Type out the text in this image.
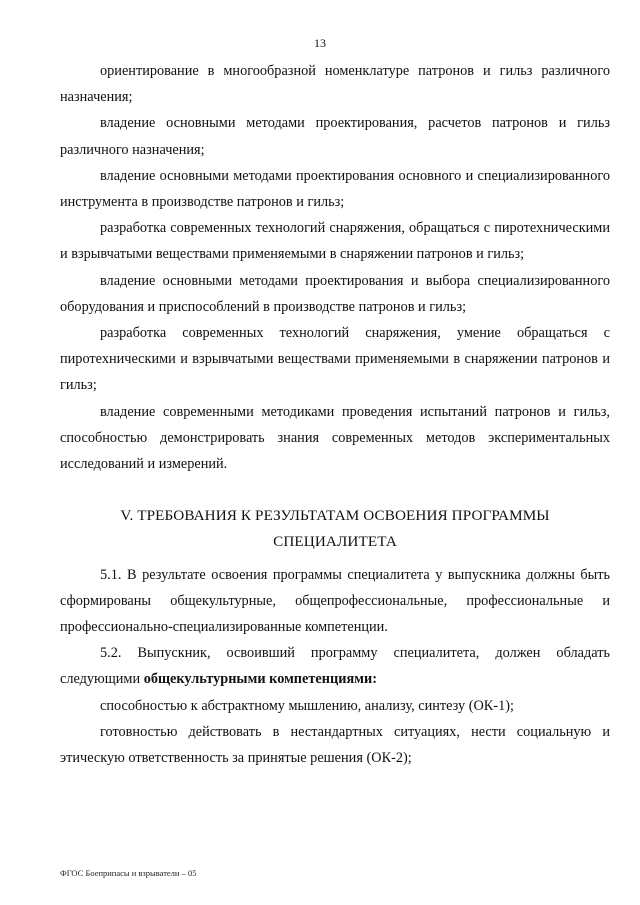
13

ориентирование в многообразной номенклатуре патронов и гильз различного назначения;

владение основными методами проектирования, расчетов патронов и гильз различного назначения;

владение основными методами проектирования основного и специализированного инструмента в производстве патронов и гильз;

разработка современных технологий снаряжения, обращаться с пиротехническими и взрывчатыми веществами применяемыми в снаряжении патронов и гильз;

владение основными методами проектирования и выбора специализированного оборудования и приспособлений в производстве патронов и гильз;

разработка современных технологий снаряжения, умение обращаться с пиротехническими и взрывчатыми веществами применяемыми в снаряжении патронов и гильз;

владение современными методиками проведения испытаний патронов и гильз, способностью демонстрировать знания современных методов экспериментальных исследований и измерений.

V. ТРЕБОВАНИЯ К РЕЗУЛЬТАТАМ ОСВОЕНИЯ ПРОГРАММЫ
СПЕЦИАЛИТЕТА

5.1. В результате освоения программы специалитета у выпускника должны быть сформированы общекультурные, общепрофессиональные, профессиональные и профессионально-специализированные компетенции.

5.2. Выпускник, освоивший программу специалитета, должен обладать следующими общекультурными компетенциями:

способностью к абстрактному мышлению, анализу, синтезу (ОК-1);

готовностью действовать в нестандартных ситуациях, нести социальную и этическую ответственность за принятые решения (ОК-2);

ФГОС Боеприпасы и взрыватели – 05
